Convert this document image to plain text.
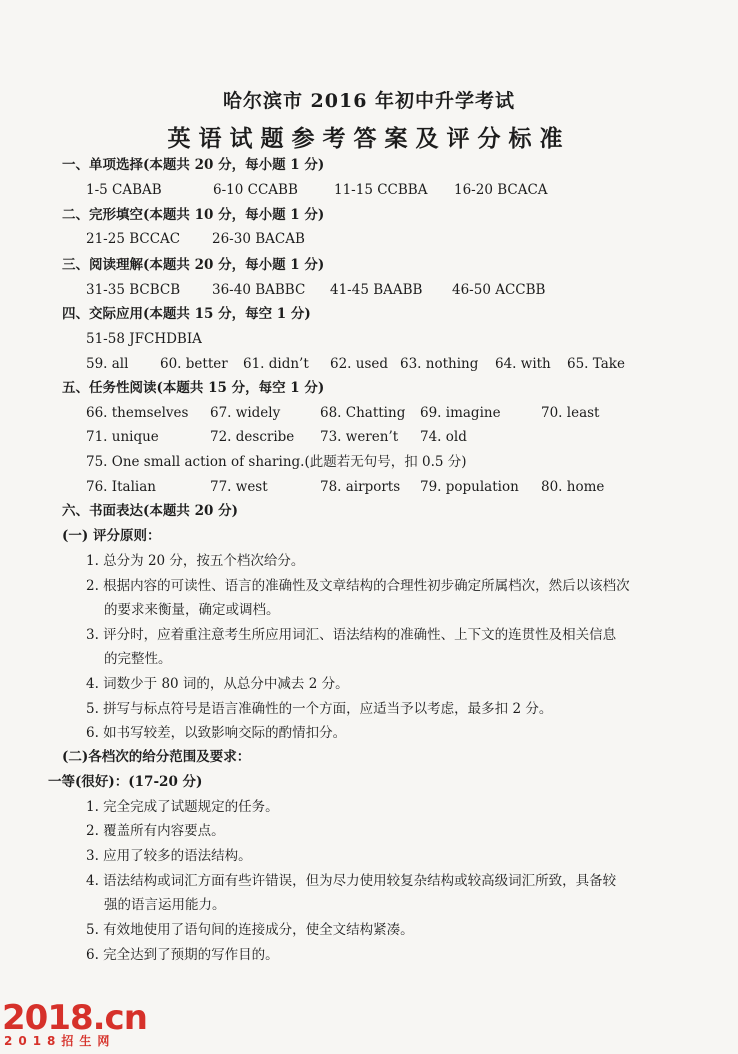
哈尔滨市 2016 年初中升学考试
英语试题参考答案及评分标准
一、单项选择(本题共 20 分，每小题 1 分)
1-5 CABAB	6-10 CCABB	11-15 CCBBA 16-20 BCACA
二、完形填空(本题共 10 分，每小题 1 分)
21-25 BCCAC 26-30 BACAB
三、阅读理解(本题共 20 分，每小题 1 分)
31-35 BCBCB 36-40 BABBC 41-45 BAABB 46-50 ACCBB
四、交际应用(本题共 15 分，每空 1 分)
51-58 JFCHDBIA
59. all 60. better 61. didn’t 62. used 63. nothing 64. with 65. Take
五、任务性阅读(本题共 15 分，每空 1 分)
66. themselves 67. widely	68. Chatting 69. imagine	70. least
71. unique	72. describe 73. weren’t 74. old
75. One small action of sharing.(此题若无句号，扣 0.5 分)
76. Italian	77. west	78. airports 79. population 80. home
六、书面表达(本题共 20 分)
(一) 评分原则：
1. 总分为 20 分，按五个档次给分。
2. 根据内容的可读性、语言的准确性及文章结构的合理性初步确定所属档次，然后以该档次
的要求来衡量，确定或调档。
3. 评分时，应着重注意考生所应用词汇、语法结构的准确性、上下文的连贯性及相关信息
的完整性。
4. 词数少于 80 词的，从总分中减去 2 分。
5. 拼写与标点符号是语言准确性的一个方面，应适当予以考虑，最多扣 2 分。
6. 如书写较差，以致影响交际的酌情扣分。
(二)各档次的给分范围及要求：
一等(很好)：(17-20 分)
1. 完全完成了试题规定的任务。
2. 覆盖所有内容要点。
3. 应用了较多的语法结构。
4. 语法结构或词汇方面有些许错误，但为尽力使用较复杂结构或较高级词汇所致，具备较
强的语言运用能力。
5. 有效地使用了语句间的连接成分，使全文结构紧凑。
6. 完全达到了预期的写作目的。
2018.cn
2018招生网
